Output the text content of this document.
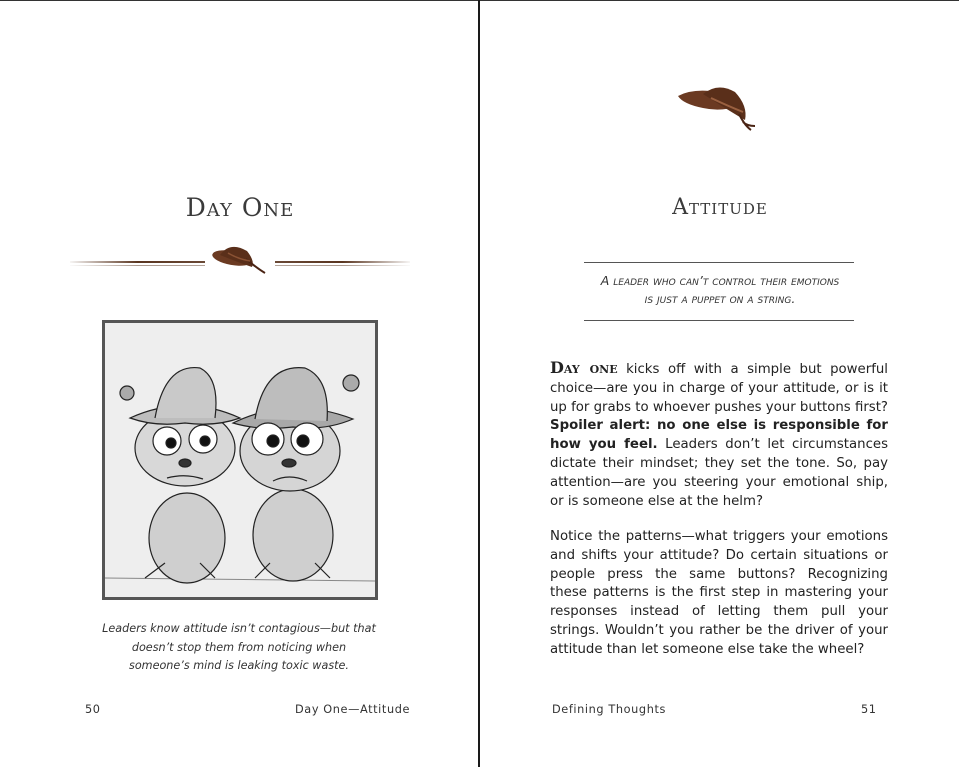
Day One

Leaders know attitude isn’t contagious—but that doesn’t stop them from noticing when someone’s mind is leaking toxic waste.

50	Day One—Attitude
Attitude
A leader who can’t control their emotions
is just a puppet on a string.

Day one kicks off with a simple but powerful choice—are you in charge of your attitude, or is it up for grabs to whoever pushes your buttons first? Spoiler alert: no one else is responsible for how you feel. Leaders don’t let circumstances dictate their mindset; they set the tone. So, pay attention—are you steering your emotional ship, or is someone else at the helm?

Notice the patterns—what triggers your emotions and shifts your attitude? Do certain situations or people press the same buttons? Recognizing these patterns is the first step in mastering your responses instead of letting them pull your strings. Wouldn’t you rather be the driver of your attitude than let someone else take the wheel?

Defining Thoughts	51
